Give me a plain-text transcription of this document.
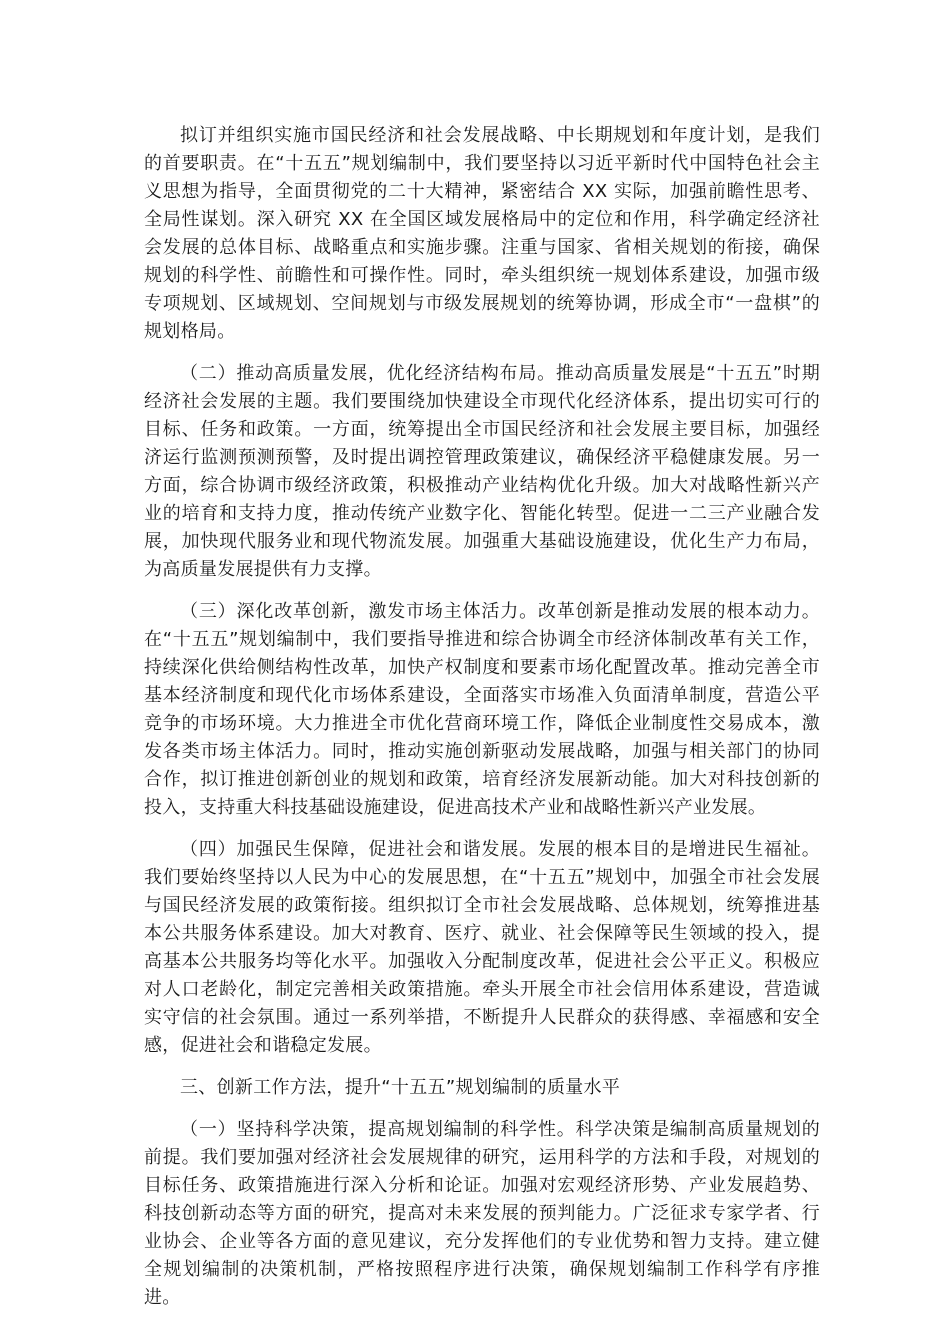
拟订并组织实施市国民经济和社会发展战略、中长期规划和年度计划，是我们的首要职责。在“十五五”规划编制中，我们要坚持以习近平新时代中国特色社会主义思想为指导，全面贯彻党的二十大精神，紧密结合 XX 实际，加强前瞻性思考、全局性谋划。深入研究 XX 在全国区域发展格局中的定位和作用，科学确定经济社会发展的总体目标、战略重点和实施步骤。注重与国家、省相关规划的衔接，确保规划的科学性、前瞻性和可操作性。同时，牵头组织统一规划体系建设，加强市级专项规划、区域规划、空间规划与市级发展规划的统筹协调，形成全市“一盘棋”的规划格局。

（二）推动高质量发展，优化经济结构布局。推动高质量发展是“十五五”时期经济社会发展的主题。我们要围绕加快建设全市现代化经济体系，提出切实可行的目标、任务和政策。一方面，统筹提出全市国民经济和社会发展主要目标，加强经济运行监测预测预警，及时提出调控管理政策建议，确保经济平稳健康发展。另一方面，综合协调市级经济政策，积极推动产业结构优化升级。加大对战略性新兴产业的培育和支持力度，推动传统产业数字化、智能化转型。促进一二三产业融合发展，加快现代服务业和现代物流发展。加强重大基础设施建设，优化生产力布局，为高质量发展提供有力支撑。

（三）深化改革创新，激发市场主体活力。改革创新是推动发展的根本动力。在“十五五”规划编制中，我们要指导推进和综合协调全市经济体制改革有关工作，持续深化供给侧结构性改革，加快产权制度和要素市场化配置改革。推动完善全市基本经济制度和现代化市场体系建设，全面落实市场准入负面清单制度，营造公平竞争的市场环境。大力推进全市优化营商环境工作，降低企业制度性交易成本，激发各类市场主体活力。同时，推动实施创新驱动发展战略，加强与相关部门的协同合作，拟订推进创新创业的规划和政策，培育经济发展新动能。加大对科技创新的投入，支持重大科技基础设施建设，促进高技术产业和战略性新兴产业发展。

（四）加强民生保障，促进社会和谐发展。发展的根本目的是增进民生福祉。我们要始终坚持以人民为中心的发展思想，在“十五五”规划中，加强全市社会发展与国民经济发展的政策衔接。组织拟订全市社会发展战略、总体规划，统筹推进基本公共服务体系建设。加大对教育、医疗、就业、社会保障等民生领域的投入，提高基本公共服务均等化水平。加强收入分配制度改革，促进社会公平正义。积极应对人口老龄化，制定完善相关政策措施。牵头开展全市社会信用体系建设，营造诚实守信的社会氛围。通过一系列举措，不断提升人民群众的获得感、幸福感和安全感，促进社会和谐稳定发展。

三、创新工作方法，提升“十五五”规划编制的质量水平

（一）坚持科学决策，提高规划编制的科学性。科学决策是编制高质量规划的前提。我们要加强对经济社会发展规律的研究，运用科学的方法和手段，对规划的目标任务、政策措施进行深入分析和论证。加强对宏观经济形势、产业发展趋势、科技创新动态等方面的研究，提高对未来发展的预判能力。广泛征求专家学者、行业协会、企业等各方面的意见建议，充分发挥他们的专业优势和智力支持。建立健全规划编制的决策机制，严格按照程序进行决策，确保规划编制工作科学有序推进。
